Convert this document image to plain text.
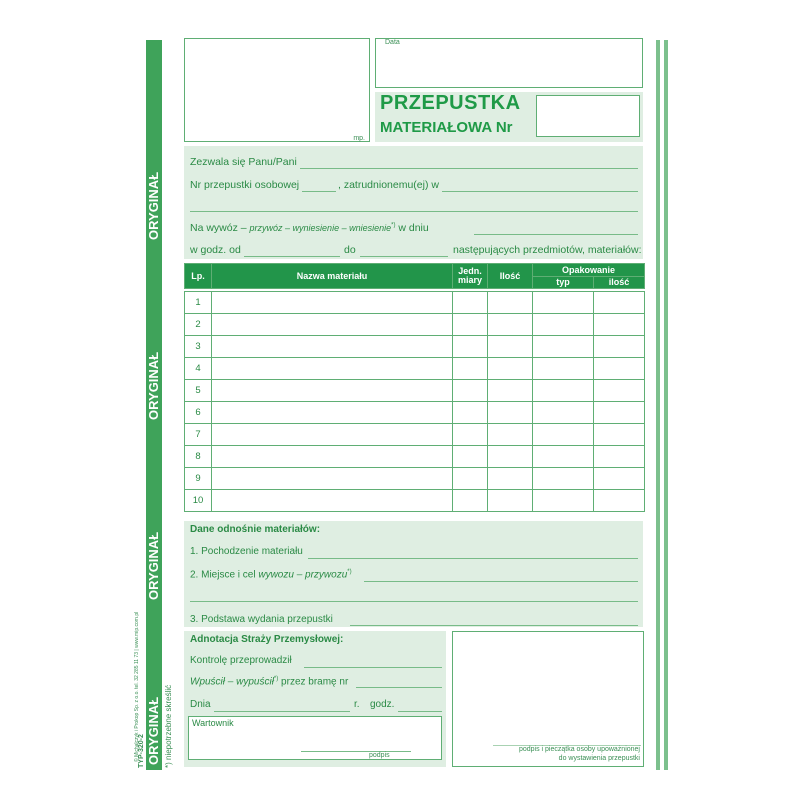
ORYGINAŁ
ORYGINAŁ
ORYGINAŁ
ORYGINAŁ
© Michalczyk i Prokop Sp. z o.o. tel. 32 285 11 73 | www.mip.com.pl
TYP-320-2 *) niepotrzebne skreślić
mp.
Data
PRZEPUSTKA
MATERIAŁOWA Nr
Zezwala się Panu/Pani
Nr przepustki osobowej	, zatrudnionemu(ej) w
Na wywóz – przywóz – wyniesienie – wniesienie*) w dniu
w godz. od	do	następujących przedmiotów, materiałów:
Lp.	Nazwa materiału	Jedn. miary	Ilość	Opakowanie	
				typ	ilość
1					
2					
3					
4					
5					
6					
7					
8					
9					
10					
Dane odnośnie materiałów:
1. Pochodzenie materiału
2. Miejsce i cel wywozu – przywozu*)
3. Podstawa wydania przepustki
Adnotacja Straży Przemysłowej:
Kontrolę przeprowadził
Wpuścił – wypuścił*) przez bramę nr
Dnia	r. godz.
Wartownik
podpis
podpis i pieczątka osoby upoważnionej
do wystawienia przepustki
